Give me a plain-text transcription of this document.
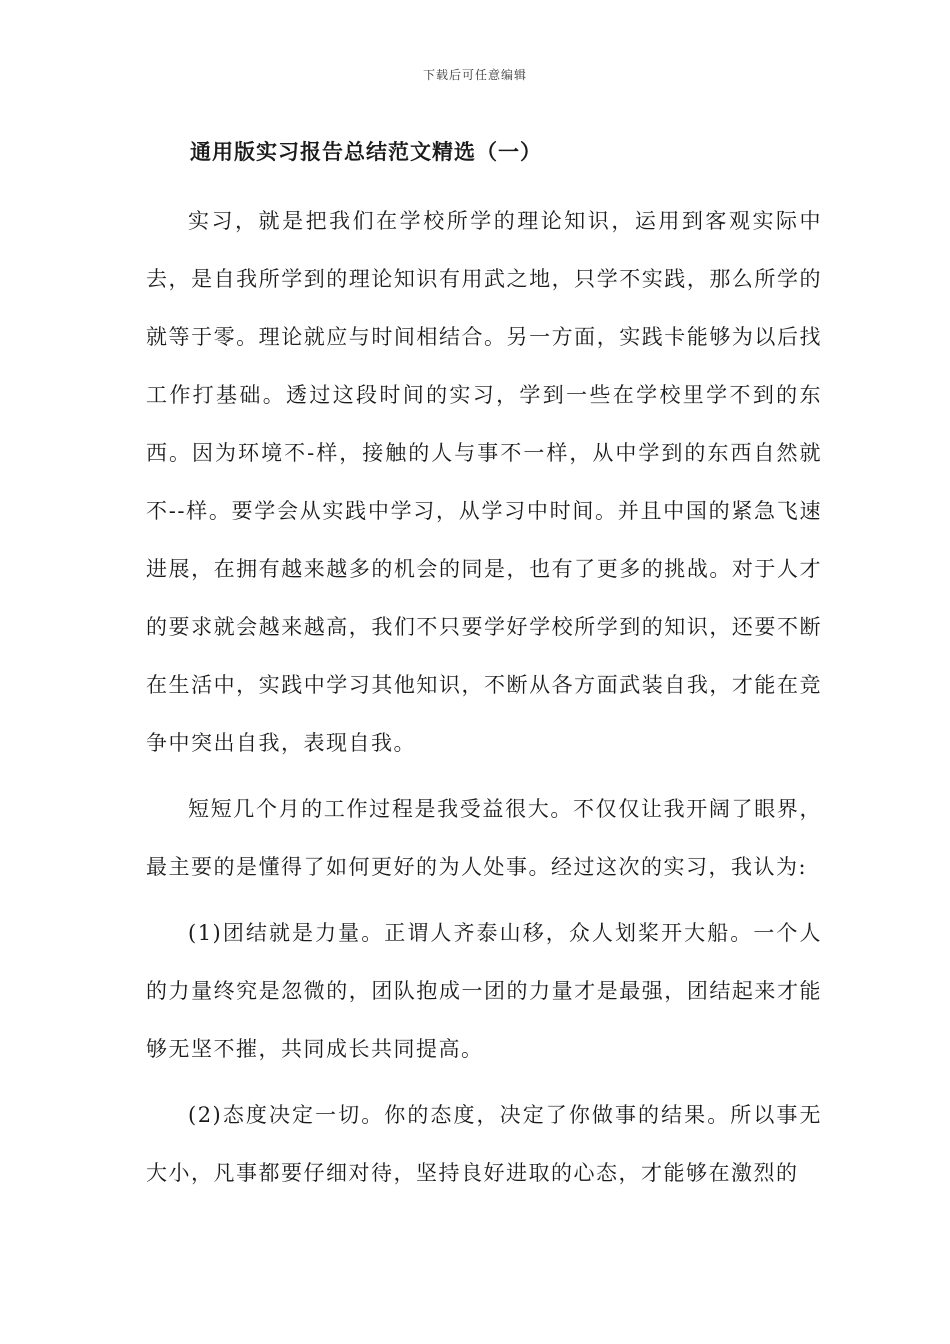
下载后可任意编辑
通用版实习报告总结范文精选（一）

实习，就是把我们在学校所学的理论知识，运用到客观实际中去，是自我所学到的理论知识有用武之地，只学不实践，那么所学的就等于零。理论就应与时间相结合。另一方面，实践卡能够为以后找工作打基础。透过这段时间的实习，学到一些在学校里学不到的东西。因为环境不-样，接触的人与事不一样，从中学到的东西自然就不--样。要学会从实践中学习，从学习中时间。并且中国的紧急飞速进展，在拥有越来越多的机会的同是，也有了更多的挑战。对于人才的要求就会越来越高，我们不只要学好学校所学到的知识，还要不断在生活中，实践中学习其他知识，不断从各方面武装自我，才能在竞争中突出自我，表现自我。

短短几个月的工作过程是我受益很大。不仅仅让我开阔了眼界，最主要的是懂得了如何更好的为人处事。经过这次的实习，我认为:

(1)团结就是力量。正谓人齐泰山移，众人划桨开大船。一个人的力量终究是忽微的，团队抱成一团的力量才是最强，团结起来才能够无坚不摧，共同成长共同提高。

(2)态度决定一切。你的态度，决定了你做事的结果。所以事无大小，凡事都要仔细对待，坚持良好进取的心态，才能够在激烈的
